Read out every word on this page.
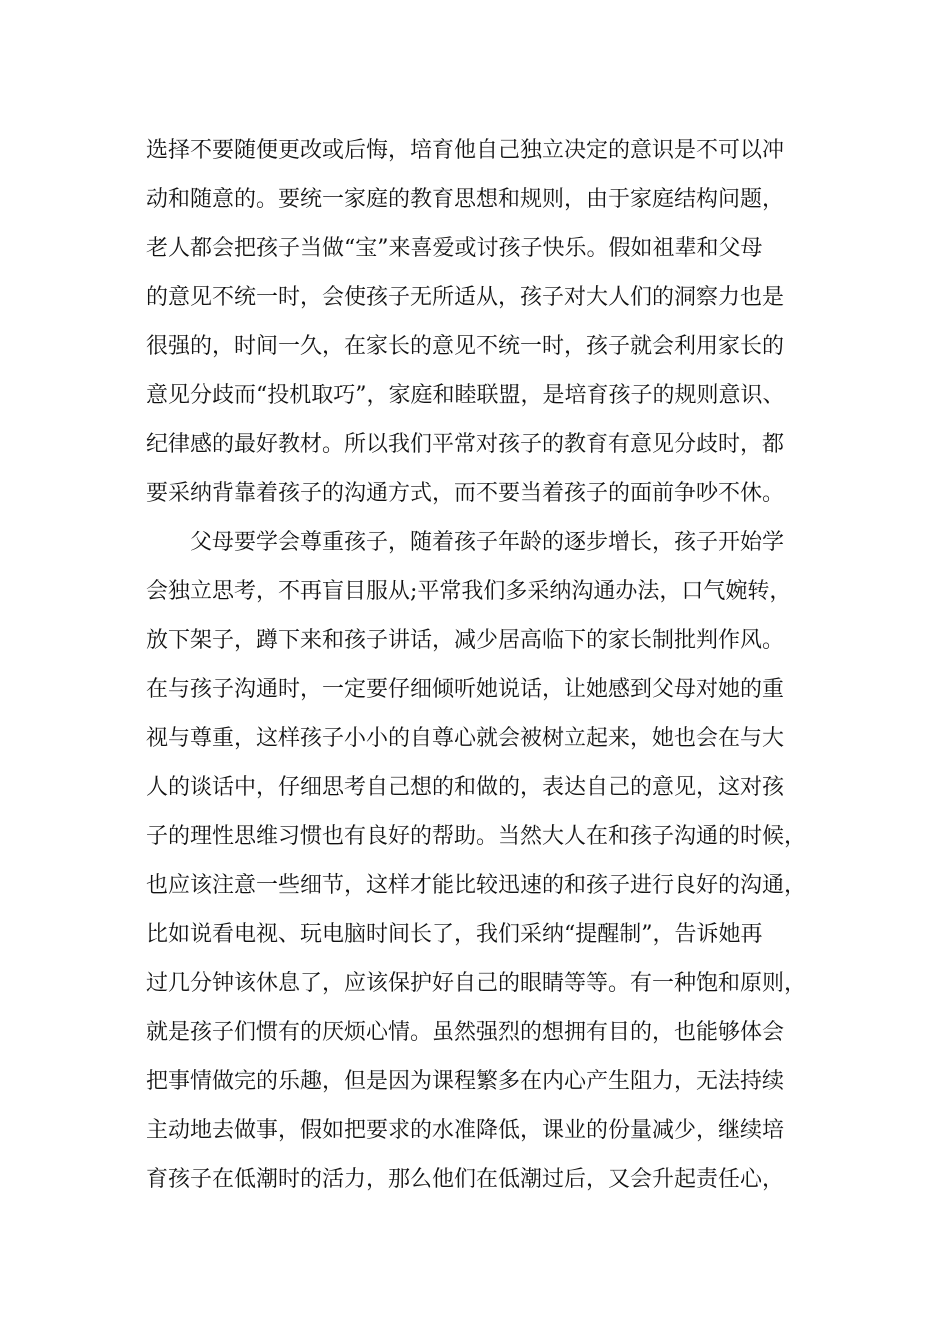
选择不要随便更改或后悔，培育他自己独立决定的意识是不可以冲
动和随意的。要统一家庭的教育思想和规则，由于家庭结构问题，
老人都会把孩子当做“宝”来喜爱或讨孩子快乐。假如祖辈和父母
的意见不统一时，会使孩子无所适从，孩子对大人们的洞察力也是
很强的，时间一久，在家长的意见不统一时，孩子就会利用家长的
意见分歧而“投机取巧”，家庭和睦联盟，是培育孩子的规则意识、
纪律感的最好教材。所以我们平常对孩子的教育有意见分歧时，都
要采纳背靠着孩子的沟通方式，而不要当着孩子的面前争吵不休。
父母要学会尊重孩子，随着孩子年龄的逐步增长，孩子开始学
会独立思考，不再盲目服从;平常我们多采纳沟通办法，口气婉转，
放下架子，蹲下来和孩子讲话，减少居高临下的家长制批判作风。
在与孩子沟通时，一定要仔细倾听她说话，让她感到父母对她的重
视与尊重，这样孩子小小的自尊心就会被树立起来，她也会在与大
人的谈话中，仔细思考自己想的和做的，表达自己的意见，这对孩
子的理性思维习惯也有良好的帮助。当然大人在和孩子沟通的时候，
也应该注意一些细节，这样才能比较迅速的和孩子进行良好的沟通，
比如说看电视、玩电脑时间长了，我们采纳“提醒制”，告诉她再
过几分钟该休息了，应该保护好自己的眼睛等等。有一种饱和原则，
就是孩子们惯有的厌烦心情。虽然强烈的想拥有目的，也能够体会
把事情做完的乐趣，但是因为课程繁多在内心产生阻力，无法持续
主动地去做事，假如把要求的水准降低，课业的份量减少，继续培
育孩子在低潮时的活力，那么他们在低潮过后，又会升起责任心，
